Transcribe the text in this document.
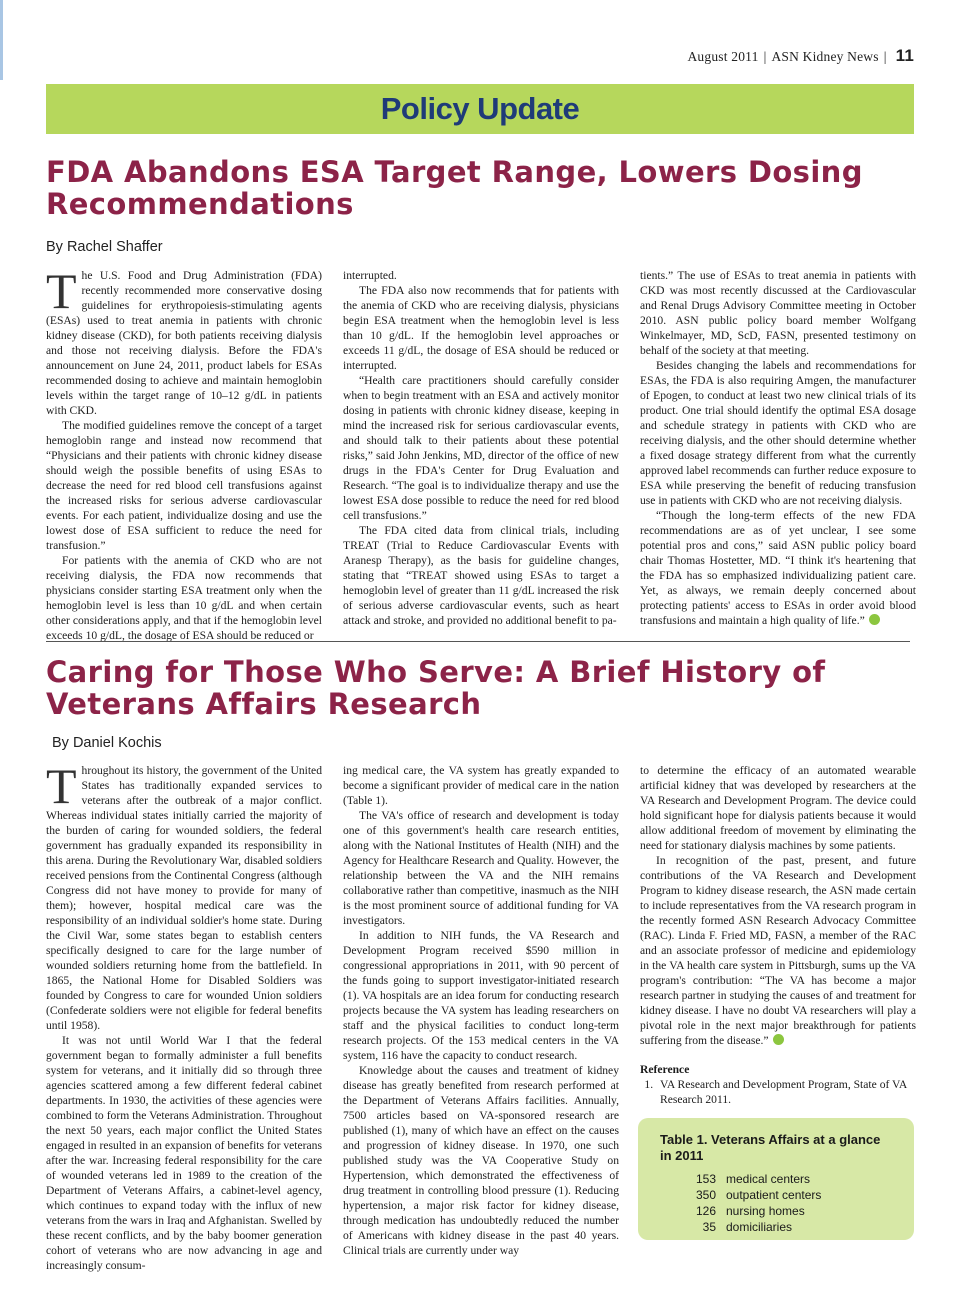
August 2011 | ASN Kidney News | 11
Policy Update
FDA Abandons ESA Target Range, Lowers Dosing Recommendations
By Rachel Shaffer

The U.S. Food and Drug Administration (FDA) recently recommended more conservative dosing guidelines for erythropoiesis-stimulating agents (ESAs) used to treat anemia in patients with chronic kidney disease (CKD), for both patients receiving dialysis and those not receiving dialysis. Before the FDA's announcement on June 24, 2011, product labels for ESAs recommended dosing to achieve and maintain hemoglobin levels within the target range of 10–12 g/dL in patients with CKD.

The modified guidelines remove the concept of a target hemoglobin range and instead now recommend that “Physicians and their patients with chronic kidney disease should weigh the possible benefits of using ESAs to decrease the need for red blood cell transfusions against the increased risks for serious adverse cardiovascular events. For each patient, individualize dosing and use the lowest dose of ESA sufficient to reduce the need for transfusion.”

For patients with the anemia of CKD who are not receiving dialysis, the FDA now recommends that physicians consider starting ESA treatment only when the hemoglobin level is less than 10 g/dL and when certain other considerations apply, and that if the hemoglobin level exceeds 10 g/dL, the dosage of ESA should be reduced or

interrupted.

The FDA also now recommends that for patients with the anemia of CKD who are receiving dialysis, physicians begin ESA treatment when the hemoglobin level is less than 10 g/dL. If the hemoglobin level approaches or exceeds 11 g/dL, the dosage of ESA should be reduced or interrupted.

“Health care practitioners should carefully consider when to begin treatment with an ESA and actively monitor dosing in patients with chronic kidney disease, keeping in mind the increased risk for serious cardiovascular events, and should talk to their patients about these potential risks,” said John Jenkins, MD, director of the office of new drugs in the FDA's Center for Drug Evaluation and Research. “The goal is to individualize therapy and use the lowest ESA dose possible to reduce the need for red blood cell transfusions.”

The FDA cited data from clinical trials, including TREAT (Trial to Reduce Cardiovascular Events with Aranesp Therapy), as the basis for guideline changes, stating that “TREAT showed using ESAs to target a hemoglobin level of greater than 11 g/dL increased the risk of serious adverse cardiovascular events, such as heart attack and stroke, and provided no additional benefit to pa-

tients.” The use of ESAs to treat anemia in patients with CKD was most recently discussed at the Cardiovascular and Renal Drugs Advisory Committee meeting in October 2010. ASN public policy board member Wolfgang Winkelmayer, MD, ScD, FASN, presented testimony on behalf of the society at that meeting.

Besides changing the labels and recommendations for ESAs, the FDA is also requiring Amgen, the manufacturer of Epogen, to conduct at least two new clinical trials of its product. One trial should identify the optimal ESA dosage and schedule strategy in patients with CKD who are receiving dialysis, and the other should determine whether a fixed dosage strategy different from what the currently approved label recommends can further reduce exposure to ESA while preserving the benefit of reducing transfusion use in patients with CKD who are not receiving dialysis.

“Though the long-term effects of the new FDA recommendations are as of yet unclear, I see some potential pros and cons,” said ASN public policy board chair Thomas Hostetter, MD. “I think it's heartening that the FDA has so emphasized individualizing patient care. Yet, as always, we remain deeply concerned about protecting patients' access to ESAs in order avoid blood transfusions and maintain a high quality of life.”

Caring for Those Who Serve: A Brief History of Veterans Affairs Research
By Daniel Kochis

Throughout its history, the government of the United States has traditionally expanded services to veterans after the outbreak of a major conflict. Whereas individual states initially carried the majority of the burden of caring for wounded soldiers, the federal government has gradually expanded its responsibility in this arena. During the Revolutionary War, disabled soldiers received pensions from the Continental Congress (although Congress did not have money to provide for many of them); however, hospital medical care was the responsibility of an individual soldier's home state. During the Civil War, some states began to establish centers specifically designed to care for the large number of wounded soldiers returning home from the battlefield. In 1865, the National Home for Disabled Soldiers was founded by Congress to care for wounded Union soldiers (Confederate soldiers were not eligible for federal benefits until 1958).

It was not until World War I that the federal government began to formally administer a full benefits system for veterans, and it initially did so through three agencies scattered among a few different federal cabinet departments. In 1930, the activities of these agencies were combined to form the Veterans Administration. Throughout the next 50 years, each major conflict the United States engaged in resulted in an expansion of benefits for veterans after the war. Increasing federal responsibility for the care of wounded veterans led in 1989 to the creation of the Department of Veterans Affairs, a cabinet-level agency, which continues to expand today with the influx of new veterans from the wars in Iraq and Afghanistan. Swelled by these recent conflicts, and by the baby boomer generation cohort of veterans who are now advancing in age and increasingly consum-

ing medical care, the VA system has greatly expanded to become a significant provider of medical care in the nation (Table 1).

The VA's office of research and development is today one of this government's health care research entities, along with the National Institutes of Health (NIH) and the Agency for Healthcare Research and Quality. However, the relationship between the VA and the NIH remains collaborative rather than competitive, inasmuch as the NIH is the most prominent source of additional funding for VA investigators.

In addition to NIH funds, the VA Research and Development Program received $590 million in congressional appropriations in 2011, with 90 percent of the funds going to support investigator-initiated research (1). VA hospitals are an idea forum for conducting research projects because the VA system has leading researchers on staff and the physical facilities to conduct long-term research projects. Of the 153 medical centers in the VA system, 116 have the capacity to conduct research.

Knowledge about the causes and treatment of kidney disease has greatly benefited from research performed at the Department of Veterans Affairs facilities. Annually, 7500 articles based on VA-sponsored research are published (1), many of which have an effect on the causes and progression of kidney disease. In 1970, one such published study was the VA Cooperative Study on Hypertension, which demonstrated the effectiveness of drug treatment in controlling blood pressure (1). Reducing hypertension, a major risk factor for kidney disease, through medication has undoubtedly reduced the number of Americans with kidney disease in the past 40 years. Clinical trials are currently under way

to determine the efficacy of an automated wearable artificial kidney that was developed by researchers at the VA Research and Development Program. The device could hold significant hope for dialysis patients because it would allow additional freedom of movement by eliminating the need for stationary dialysis machines by some patients.

In recognition of the past, present, and future contributions of the VA Research and Development Program to kidney disease research, the ASN made certain to include representatives from the VA research program in the recently formed ASN Research Advocacy Committee (RAC). Linda F. Fried MD, FASN, a member of the RAC and an associate professor of medicine and epidemiology in the VA health care system in Pittsburgh, sums up the VA program's contribution: “The VA has become a major research partner in studying the causes of and treatment for kidney disease. I have no doubt VA researchers will play a pivotal role in the next major breakthrough for patients suffering from the disease.”

Reference

1. VA Research and Development Program, State of VA Research 2011.
Table 1. Veterans Affairs at a glance in 2011
153 medical centers
350 outpatient centers
126 nursing homes
35 domiciliaries
